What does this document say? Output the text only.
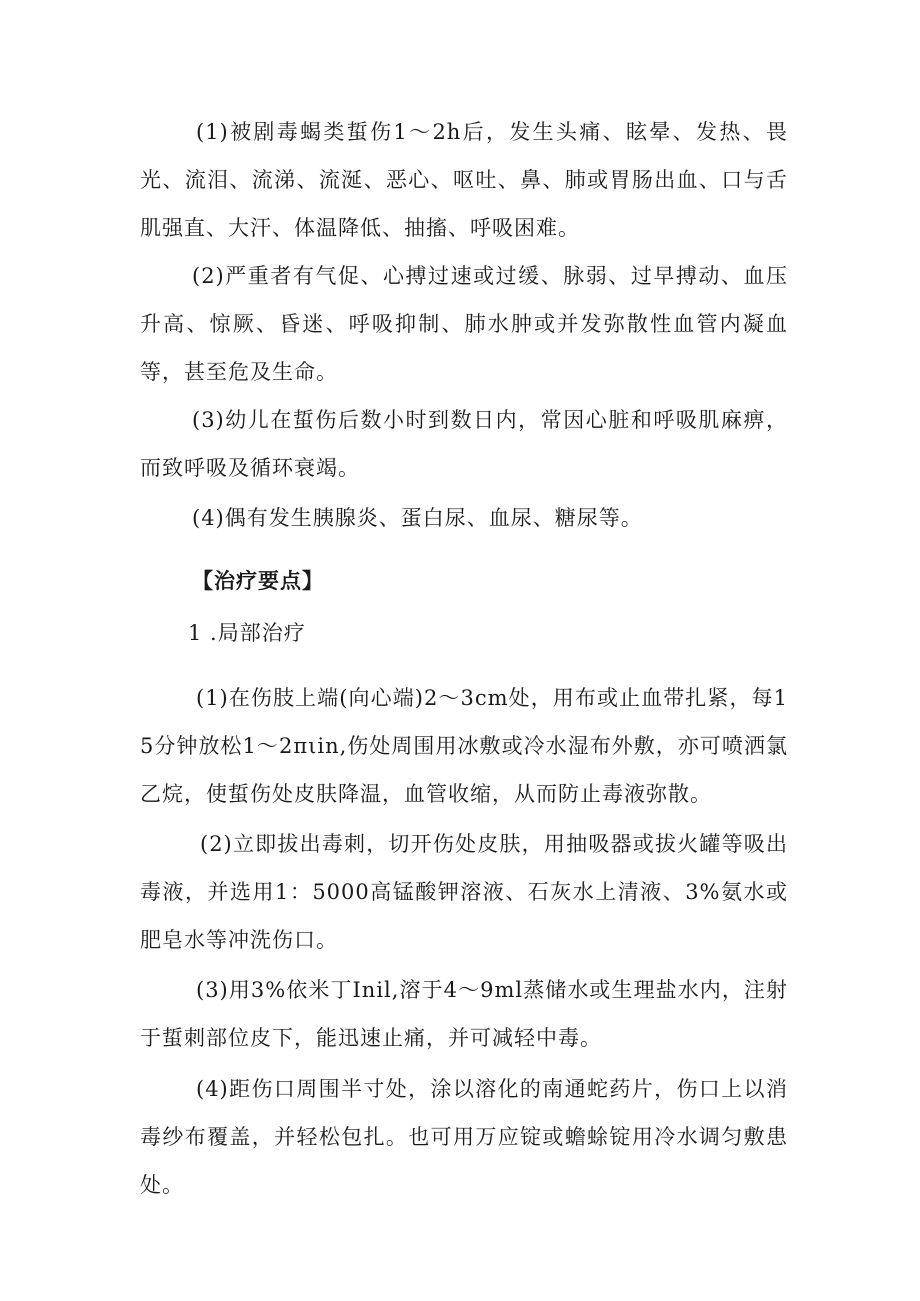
(1)被剧毒蝎类蜇伤1～2h后，发生头痛、眩晕、发热、畏光、流泪、流涕、流涎、恶心、呕吐、鼻、肺或胃肠出血、口与舌肌强直、大汗、体温降低、抽搐、呼吸困难。

(2)严重者有气促、心搏过速或过缓、脉弱、过早搏动、血压升高、惊厥、昏迷、呼吸抑制、肺水肿或并发弥散性血管内凝血等，甚至危及生命。

(3)幼儿在蜇伤后数小时到数日内，常因心脏和呼吸肌麻痹，而致呼吸及循环衰竭。

(4)偶有发生胰腺炎、蛋白尿、血尿、糖尿等。

【治疗要点】

1 .局部治疗

(1)在伤肢上端(向心端)2～3cm处，用布或止血带扎紧，每15分钟放松1～2πιin,伤处周围用冰敷或冷水湿布外敷，亦可喷洒氯乙烷，使蜇伤处皮肤降温，血管收缩，从而防止毒液弥散。

(2)立即拔出毒刺，切开伤处皮肤，用抽吸器或拔火罐等吸出毒液，并选用1：5000高锰酸钾溶液、石灰水上清液、3%氨水或肥皂水等冲洗伤口。

(3)用3%依米丁Inil,溶于4～9ml蒸储水或生理盐水内，注射于蜇刺部位皮下，能迅速止痛，并可减轻中毒。

(4)距伤口周围半寸处，涂以溶化的南通蛇药片，伤口上以消毒纱布覆盖，并轻松包扎。也可用万应锭或蟾蜍锭用冷水调匀敷患处。
